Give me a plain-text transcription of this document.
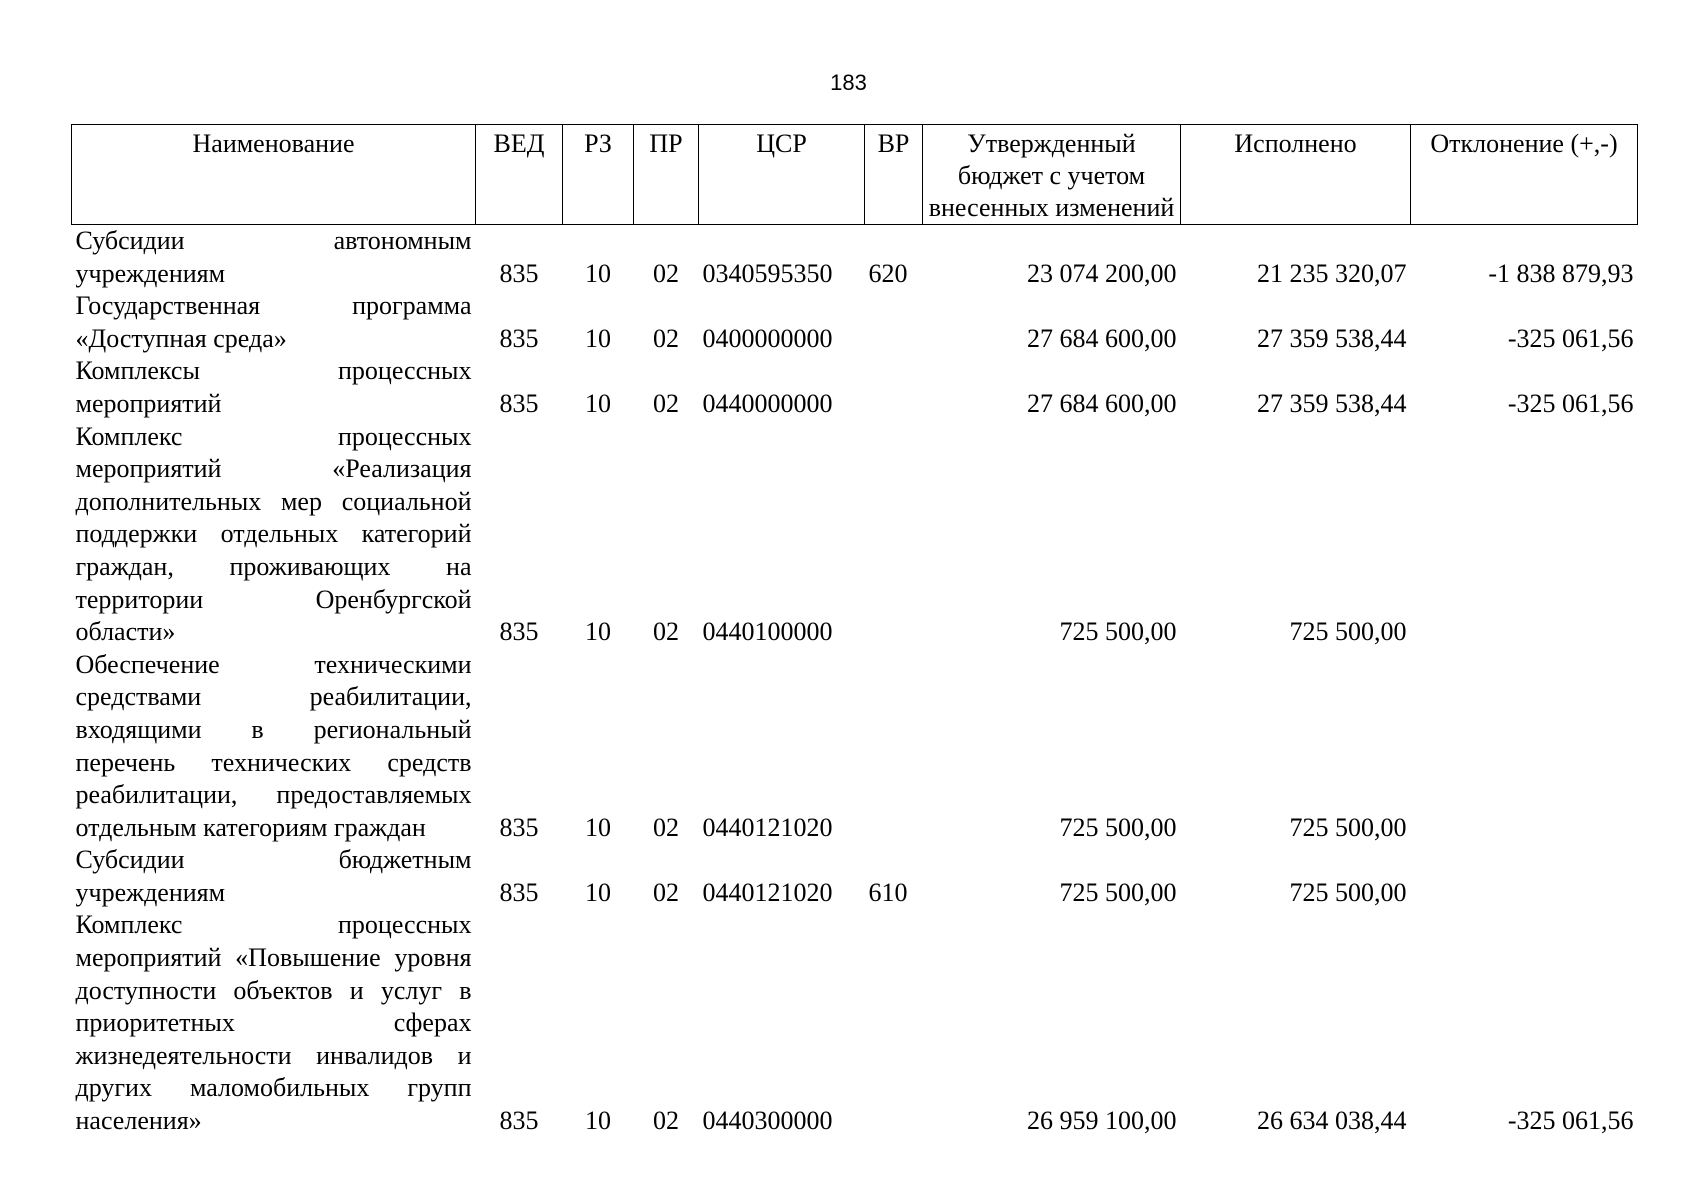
183
Наименование	ВЕД	РЗ	ПР	ЦСР	ВР	Утвержденный бюджет с учетом внесенных изменений	Исполнено	Отклонение (+,-)
Субсидии автономным учреждениям	835	10	02	0340595350	620	23 074 200,00	21 235 320,07	-1 838 879,93
Государственная программа «Доступная среда»	835	10	02	0400000000		27 684 600,00	27 359 538,44	-325 061,56
Комплексы процессных мероприятий	835	10	02	0440000000		27 684 600,00	27 359 538,44	-325 061,56
Комплекс процессных мероприятий «Реализация дополнительных мер социальной поддержки отдельных категорий граждан, проживающих на территории Оренбургской области»	835	10	02	0440100000		725 500,00	725 500,00	
Обеспечение техническими средствами реабилитации, входящими в региональный перечень технических средств реабилитации, предоставляемых отдельным категориям граждан	835	10	02	0440121020		725 500,00	725 500,00	
Субсидии бюджетным учреждениям	835	10	02	0440121020	610	725 500,00	725 500,00	
Комплекс процессных мероприятий «Повышение уровня доступности объектов и услуг в приоритетных сферах жизнедеятельности инвалидов и других маломобильных групп населения»	835	10	02	0440300000		26 959 100,00	26 634 038,44	-325 061,56
